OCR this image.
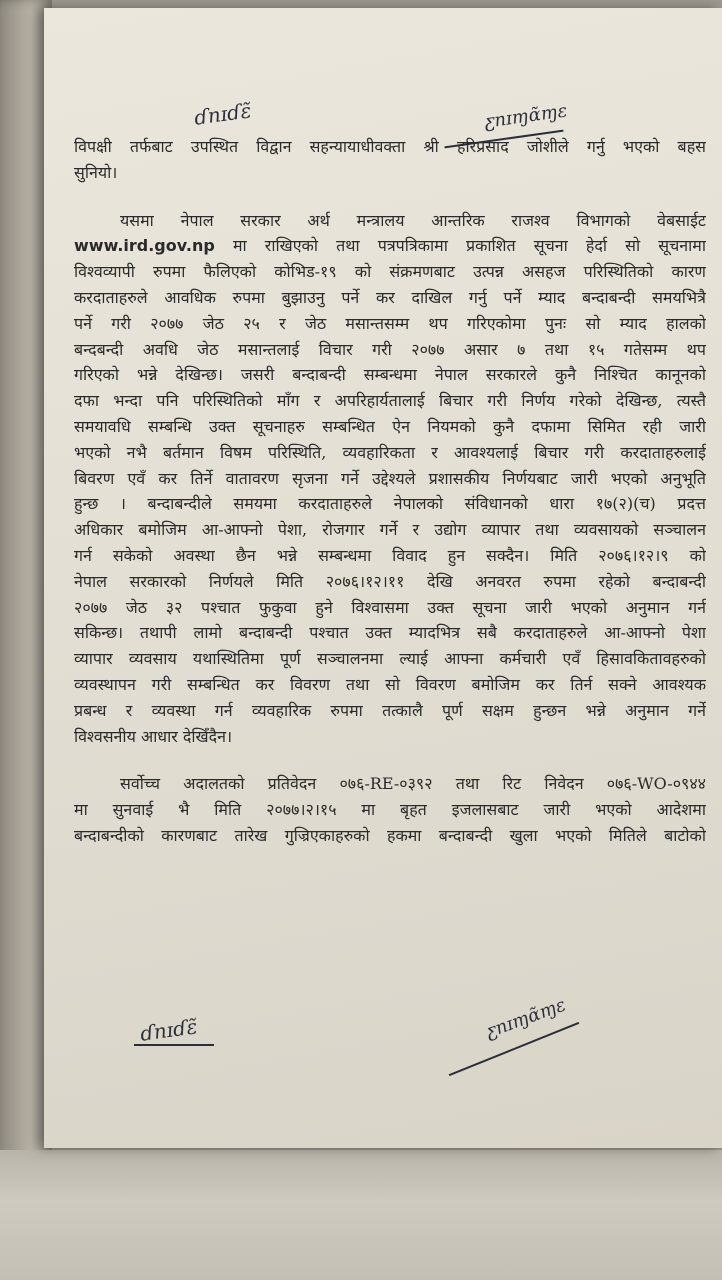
ɗnɪɗɛ̃	ƹnɪɱɑ̃ɱɛ

विपक्षी तर्फबाट उपस्थित विद्वान सहन्यायाधीवक्ता श्री हरिप्रसाद जोशीले गर्नु भएको बहस
सुनियो।

यसमा नेपाल सरकार अर्थ मन्त्रालय आन्तरिक राजश्व विभागको वेबसाईट
www.ird.gov.np मा राखिएको तथा पत्रपत्रिकामा प्रकाशित सूचना हेर्दा सो सूचनामा
विश्वव्यापी रुपमा फैलिएको कोभिड-१९ को संक्रमणबाट उत्पन्न असहज परिस्थितिको कारण
करदाताहरुले आवधिक रुपमा बुझाउनु पर्ने कर दाखिल गर्नु पर्ने म्याद बन्दाबन्दी समयभित्रै
पर्ने गरी २०७७ जेठ २५ र जेठ मसान्तसम्म थप गरिएकोमा पुनः सो म्याद हालको
बन्दबन्दी अवधि जेठ मसान्तलाई विचार गरी २०७७ असार ७ तथा १५ गतेसम्म थप
गरिएको भन्ने देखिन्छ। जसरी बन्दाबन्दी सम्बन्धमा नेपाल सरकारले कुनै निश्चित कानूनको
दफा भन्दा पनि परिस्थितिको माँग र अपरिहार्यतालाई बिचार गरी निर्णय गरेको देखिन्छ, त्यस्तै
समयावधि सम्बन्धि उक्त सूचनाहरु सम्बन्धित ऐन नियमको कुनै दफामा सिमित रही जारी
भएको नभै बर्तमान विषम परिस्थिति, व्यवहारिकता र आवश्यलाई बिचार गरी करदाताहरुलाई
बिवरण एवँ कर तिर्ने वातावरण सृजना गर्ने उद्देश्यले प्रशासकीय निर्णयबाट जारी भएको अनुभूति
हुन्छ । बन्दाबन्दीले समयमा करदाताहरुले नेपालको संविधानको धारा १७(२)(च) प्रदत्त
अधिकार बमोजिम आ-आफ्नो पेशा, रोजगार गर्ने र उद्योग व्यापार तथा व्यवसायको सञ्चालन
गर्न सकेको अवस्था छैन भन्ने सम्बन्धमा विवाद हुन सक्दैन। मिति २०७६।१२।९ को
नेपाल सरकारको निर्णयले मिति २०७६।१२।११ देखि अनवरत रुपमा रहेको बन्दाबन्दी
२०७७ जेठ ३२ पश्चात फुकुवा हुने विश्वासमा उक्त सूचना जारी भएको अनुमान गर्न
सकिन्छ। तथापी लामो बन्दाबन्दी पश्चात उक्त म्यादभित्र सबै करदाताहरुले आ-आफ्नो पेशा
व्यापार व्यवसाय यथास्थितिमा पूर्ण सञ्चालनमा ल्याई आफ्ना कर्मचारी एवँ हिसावकितावहरुको
व्यवस्थापन गरी सम्बन्धित कर विवरण तथा सो विवरण बमोजिम कर तिर्न सक्ने आवश्यक
प्रबन्ध र व्यवस्था गर्न व्यवहारिक रुपमा तत्कालै पूर्ण सक्षम हुन्छन भन्ने अनुमान गर्ने
विश्वसनीय आधार देखिँदैन।

सर्वोच्च अदालतको प्रतिवेदन ०७६-RE-०३९२ तथा रिट निवेदन ०७६-WO-०९४४
मा सुनवाई भै मिति २०७७।२।१५ मा बृहत इजलासबाट जारी भएको आदेशमा
बन्दाबन्दीको कारणबाट तारेख गुज्रिएकाहरुको हकमा बन्दाबन्दी खुला भएको मितिले बाटोको

ɗnɪɗɛ̃	ƹnɪɱɑ̃ɱɛ
